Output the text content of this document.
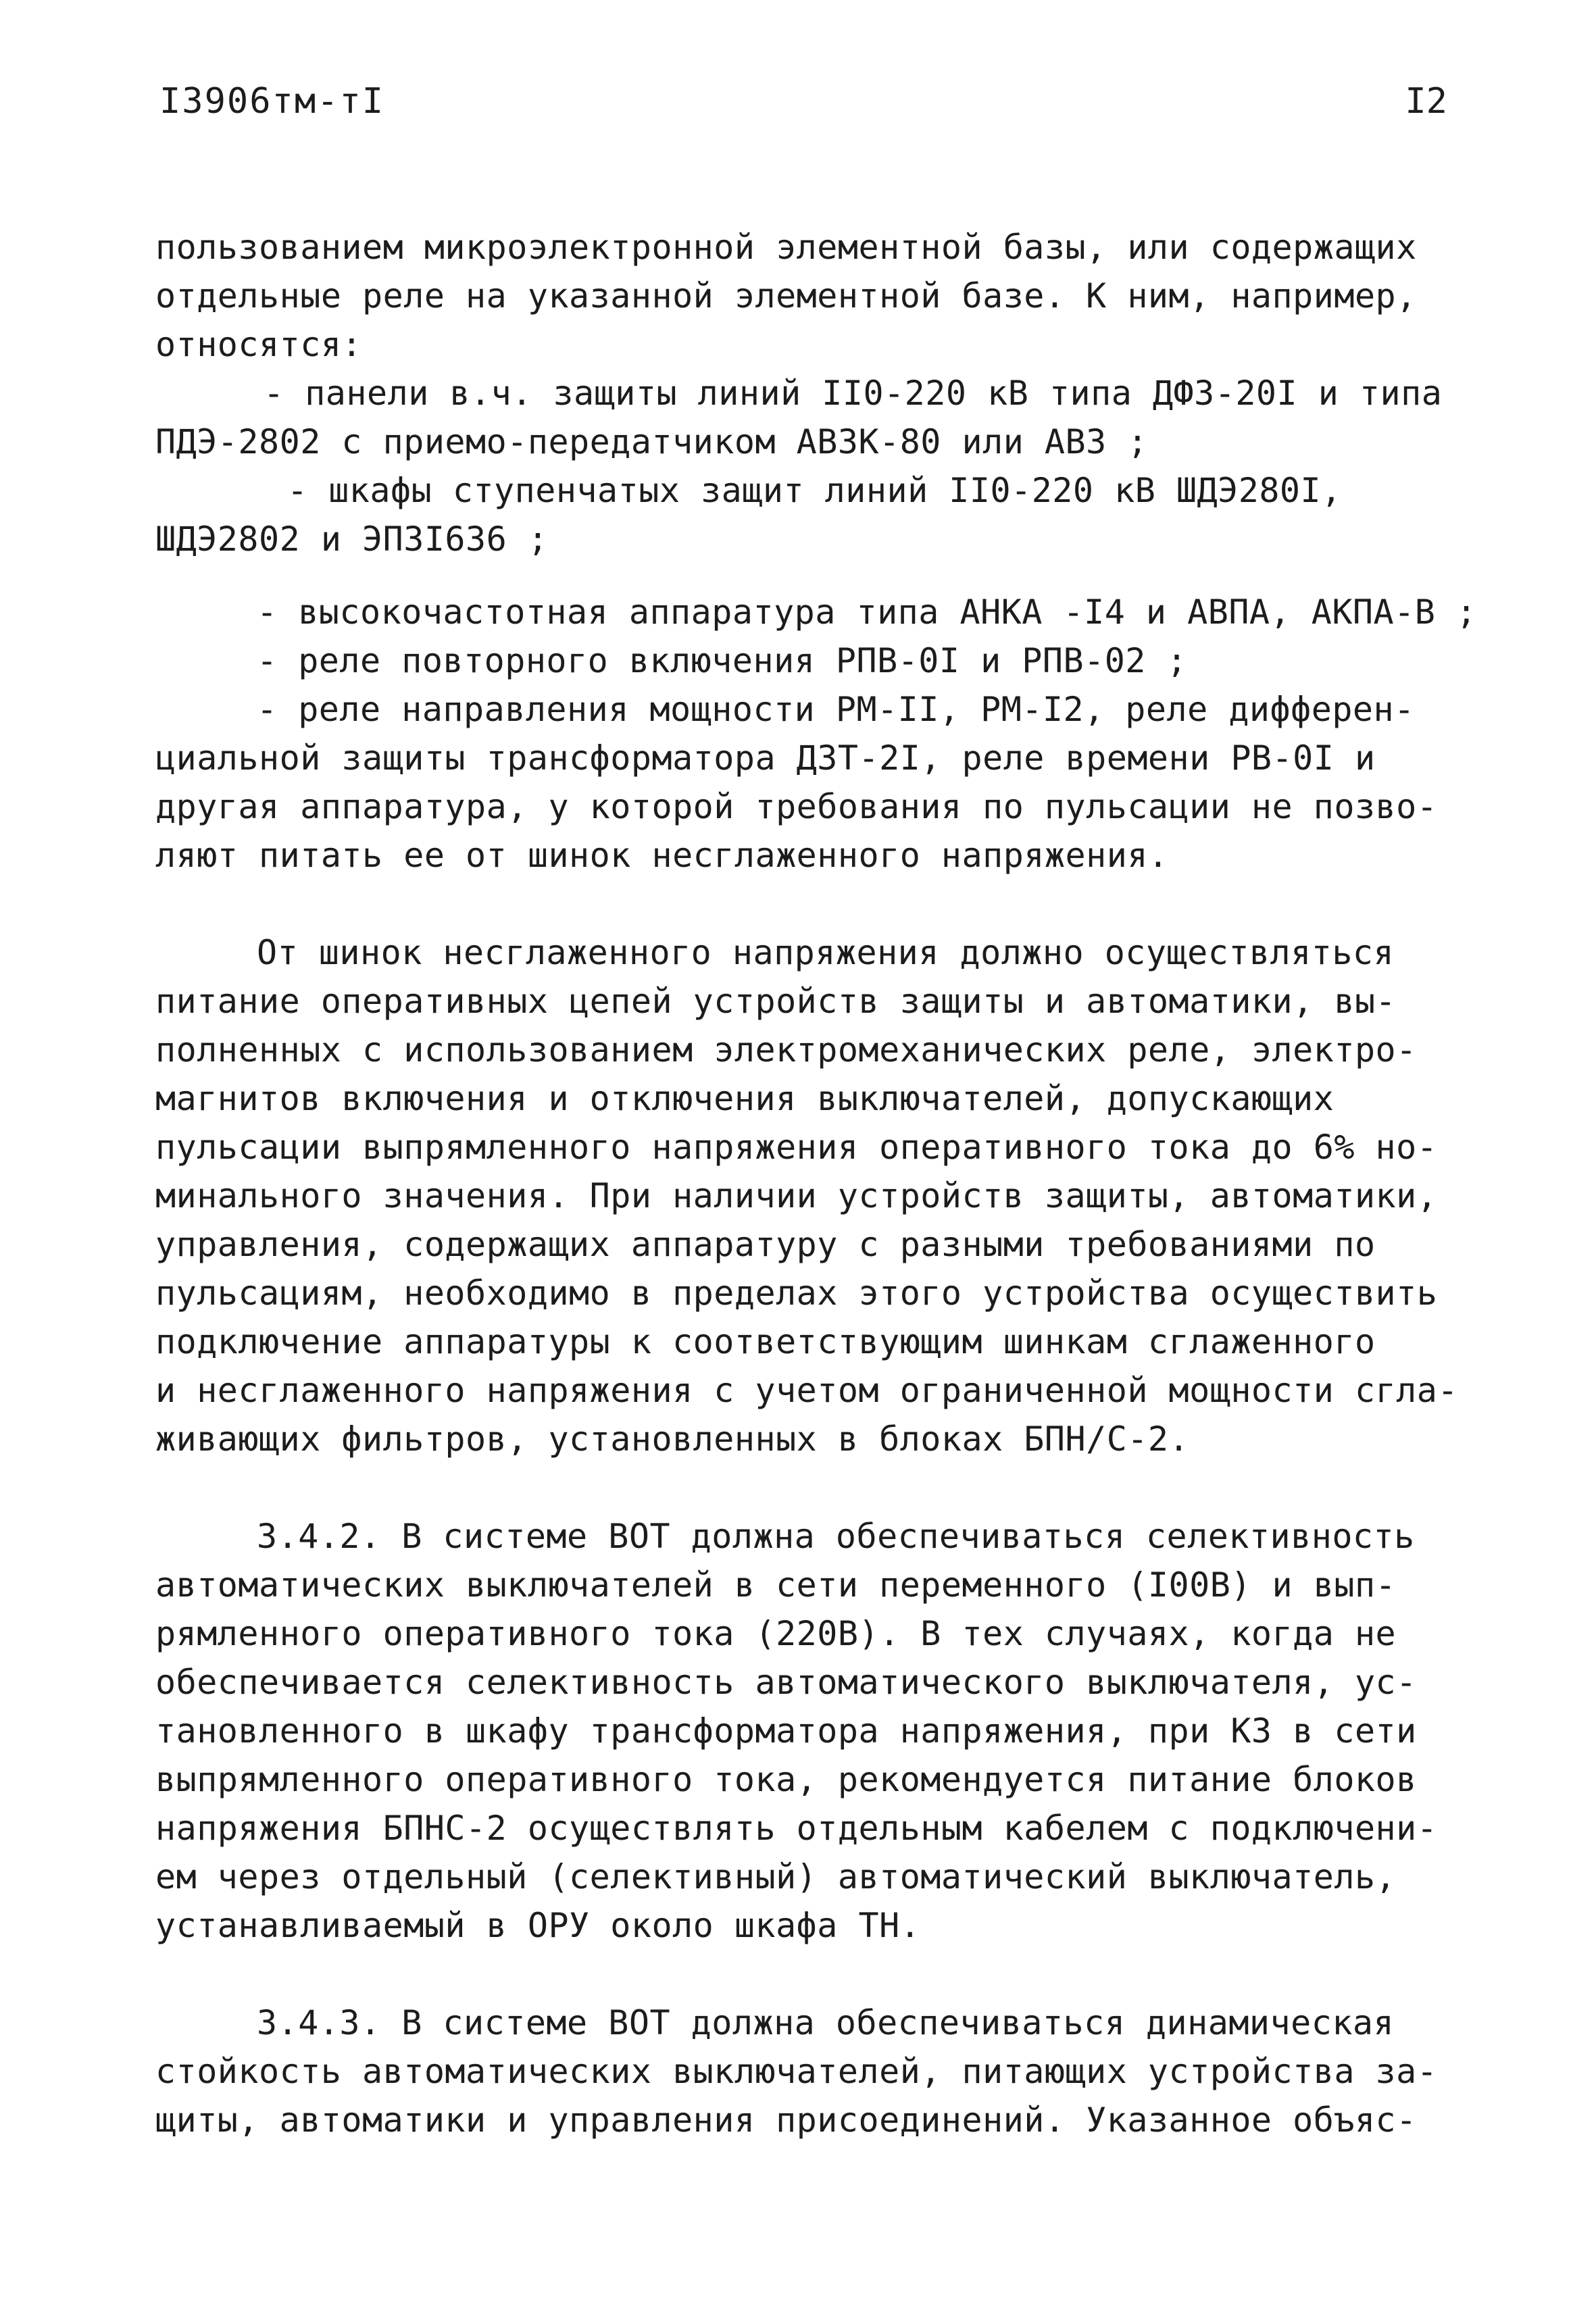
I3906тм-тI	I2
пользованием микроэлектронной элементной базы, или содержащих
отдельные реле на указанной элементной базе. К ним, например,
относятся:
- панели в.ч. защиты линий II0-220 кВ типа ДФЗ-20I и типа
ПДЭ-2802 с приемо-передатчиком АВЗК-80 или АВЗ ;
- шкафы ступенчатых защит линий II0-220 кВ ШДЭ280I,
ШДЭ2802 и ЭПЗI636 ;
- высокочастотная аппаратура типа АНКА -I4 и АВПА, АКПА-В ;
- реле повторного включения РПВ-0I и РПВ-02 ;
- реле направления мощности РМ-II, РМ-I2, реле дифферен-
циальной защиты трансформатора ДЗТ-2I, реле времени РВ-0I и
другая аппаратура, у которой требования по пульсации не позво-
ляют питать ее от шинок несглаженного напряжения.
От шинок несглаженного напряжения должно осуществляться
питание оперативных цепей устройств защиты и автоматики, вы-
полненных с использованием электромеханических реле, электро-
магнитов включения и отключения выключателей, допускающих
пульсации выпрямленного напряжения оперативного тока до 6% но-
минального значения. При наличии устройств защиты, автоматики,
управления, содержащих аппаратуру с разными требованиями по
пульсациям, необходимо в пределах этого устройства осуществить
подключение аппаратуры к соответствующим шинкам сглаженного
и несглаженного напряжения с учетом ограниченной мощности сгла-
живающих фильтров, установленных в блоках БПН/С-2.
3.4.2. В системе ВОТ должна обеспечиваться селективность
автоматических выключателей в сети переменного (I00В) и вып-
рямленного оперативного тока (220В). В тех случаях, когда не
обеспечивается селективность автоматического выключателя, ус-
тановленного в шкафу трансформатора напряжения, при КЗ в сети
выпрямленного оперативного тока, рекомендуется питание блоков
напряжения БПНС-2 осуществлять отдельным кабелем с подключени-
ем через отдельный (селективный) автоматический выключатель,
устанавливаемый в ОРУ около шкафа ТН.
3.4.3. В системе ВОТ должна обеспечиваться динамическая
стойкость автоматических выключателей, питающих устройства за-
щиты, автоматики и управления присоединений. Указанное объяс-
